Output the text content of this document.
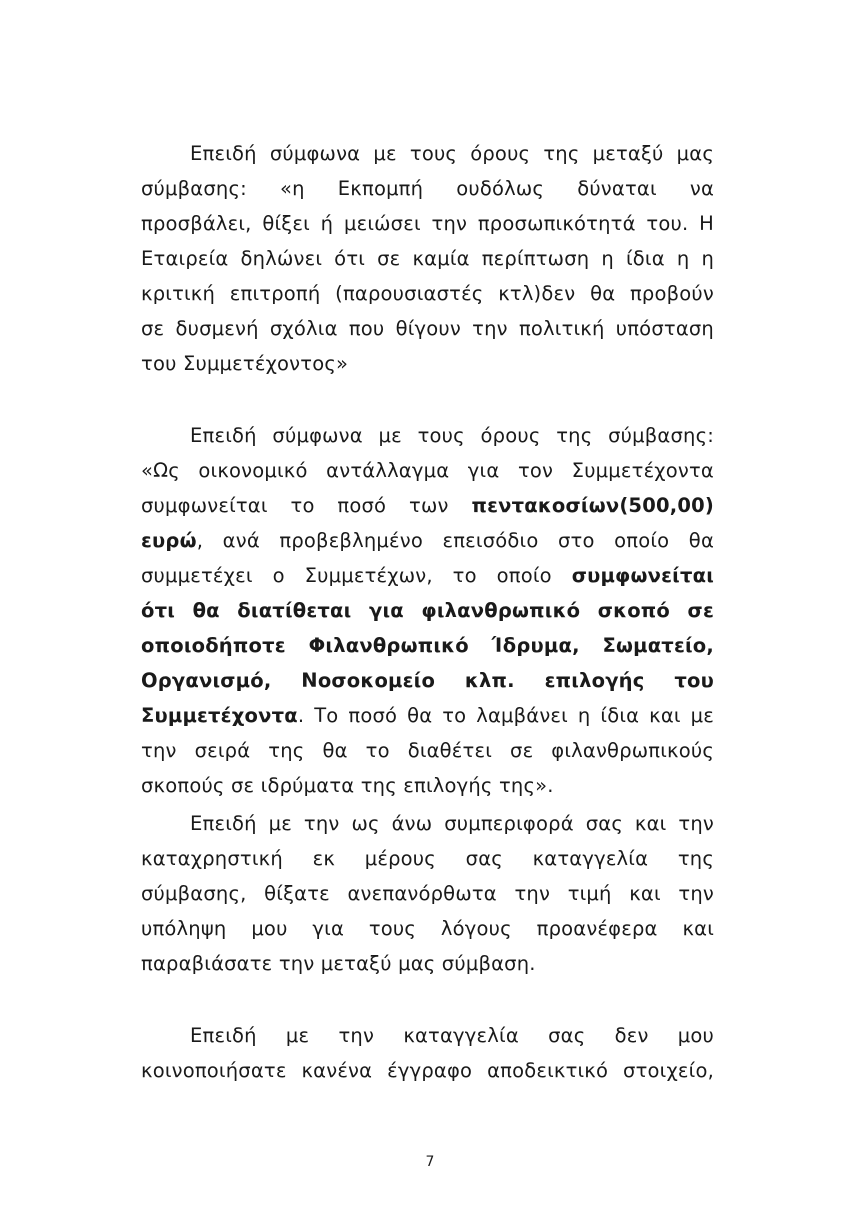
Επειδή σύμφωνα με τους όρους της μεταξύ μας
σύμβασης: «η Εκπομπή ουδόλως δύναται να
προσβάλει, θίξει ή μειώσει την προσωπικότητά του. Η
Εταιρεία δηλώνει ότι σε καμία περίπτωση η ίδια η η
κριτική επιτροπή (παρουσιαστές κτλ)δεν θα προβούν
σε δυσμενή σχόλια που θίγουν την πολιτική υπόσταση
του Συμμετέχοντος»
Επειδή σύμφωνα με τους όρους της σύμβασης:
«Ως οικονομικό αντάλλαγμα για τον Συμμετέχοντα
συμφωνείται το ποσό των πεντακοσίων(500,00)
ευρώ, ανά προβεβλημένο επεισόδιο στο οποίο θα
συμμετέχει ο Συμμετέχων, το οποίο συμφωνείται
ότι θα διατίθεται για φιλανθρωπικό σκοπό σε
οποιοδήποτε Φιλανθρωπικό Ίδρυμα, Σωματείο,
Οργανισμό, Νοσοκομείο κλπ. επιλογής του
Συμμετέχοντα. Το ποσό θα το λαμβάνει η ίδια και με
την σειρά της θα το διαθέτει σε φιλανθρωπικούς
σκοπούς σε ιδρύματα της επιλογής της».
Επειδή με την ως άνω συμπεριφορά σας και την
καταχρηστική εκ μέρους σας καταγγελία της
σύμβασης, θίξατε ανεπανόρθωτα την τιμή και την
υπόληψη μου για τους λόγους προανέφερα και
παραβιάσατε την μεταξύ μας σύμβαση.
Επειδή με την καταγγελία σας δεν μου
κοινοποιήσατε κανένα έγγραφο αποδεικτικό στοιχείο,
7
